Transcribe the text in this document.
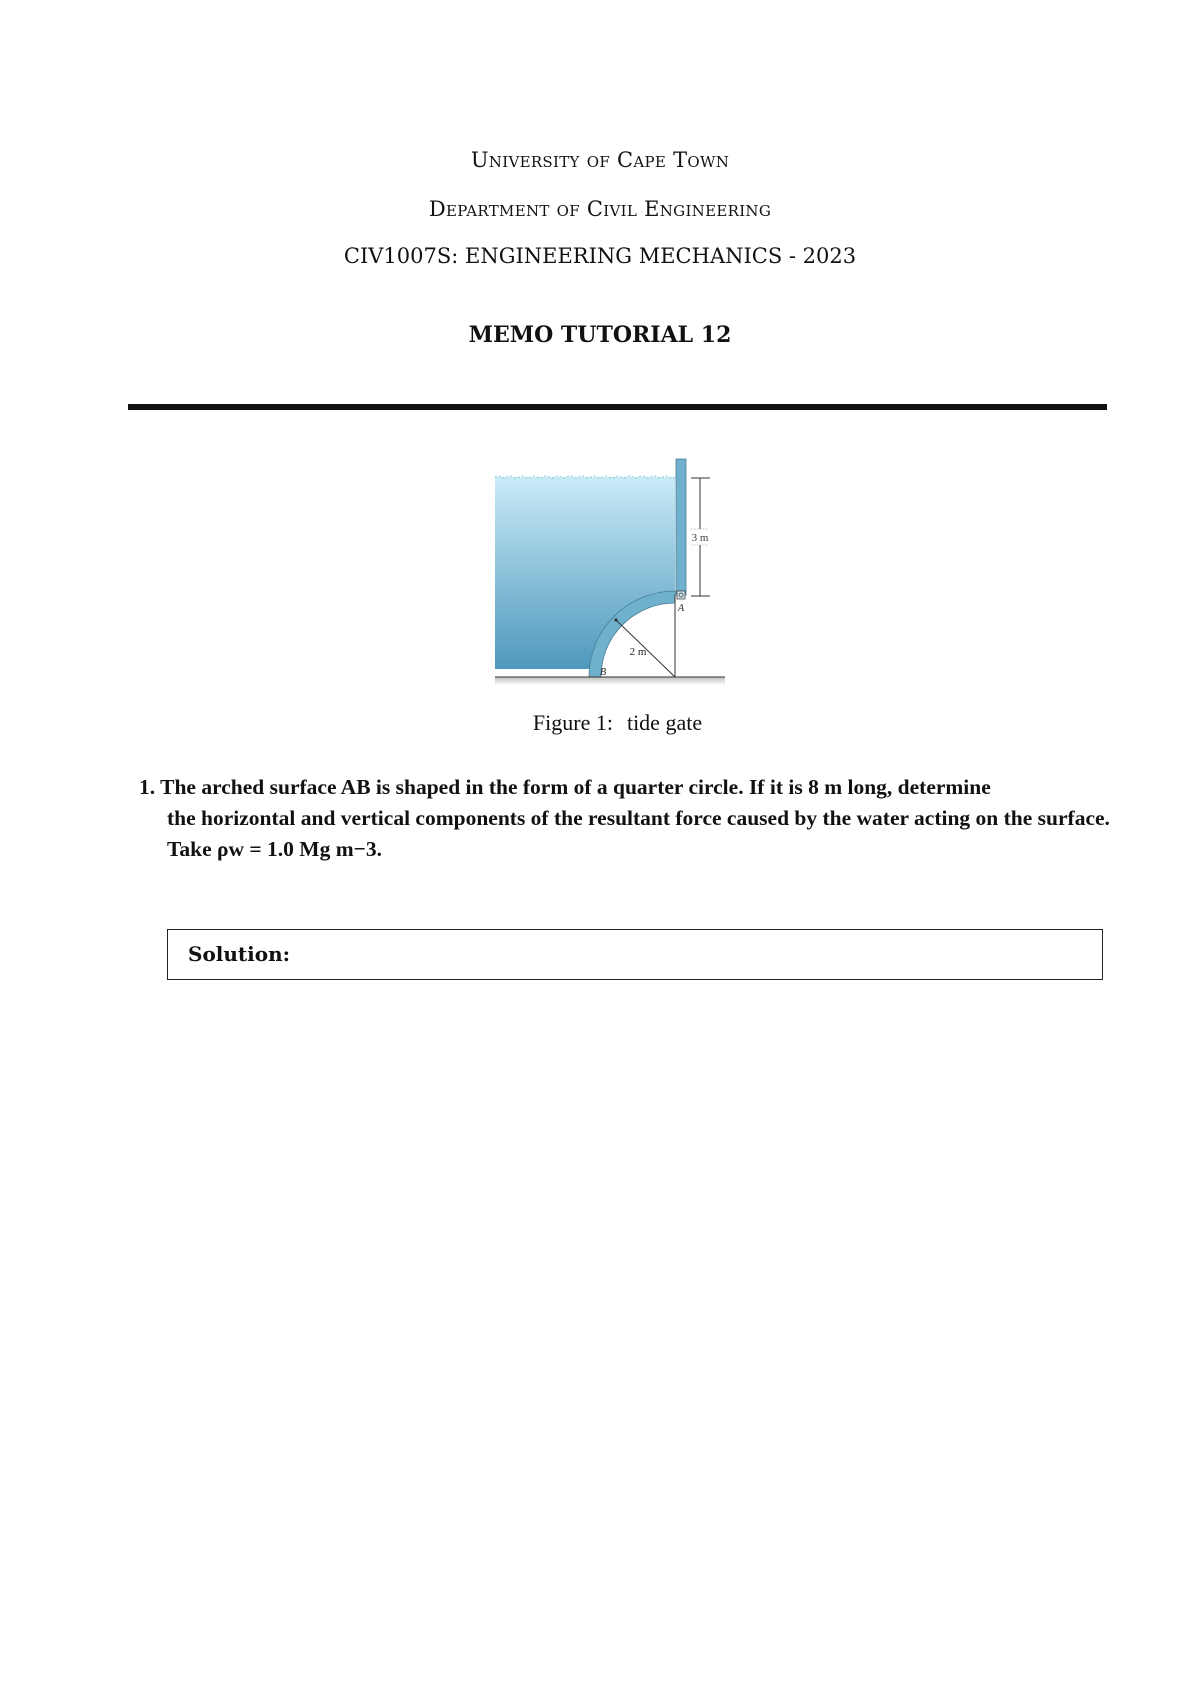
University of Cape Town
Department of Civil Engineering
CIV1007S: ENGINEERING MECHANICS - 2023
MEMO TUTORIAL 12
3 m
2 m
A
B
Figure 1: tide gate
1. The arched surface AB is shaped in the form of a quarter circle. If it is 8 m long, determine
the horizontal and vertical components of the resultant force caused by the water acting on the surface.
Take ρw = 1.0 Mg m−3.
Solution:
